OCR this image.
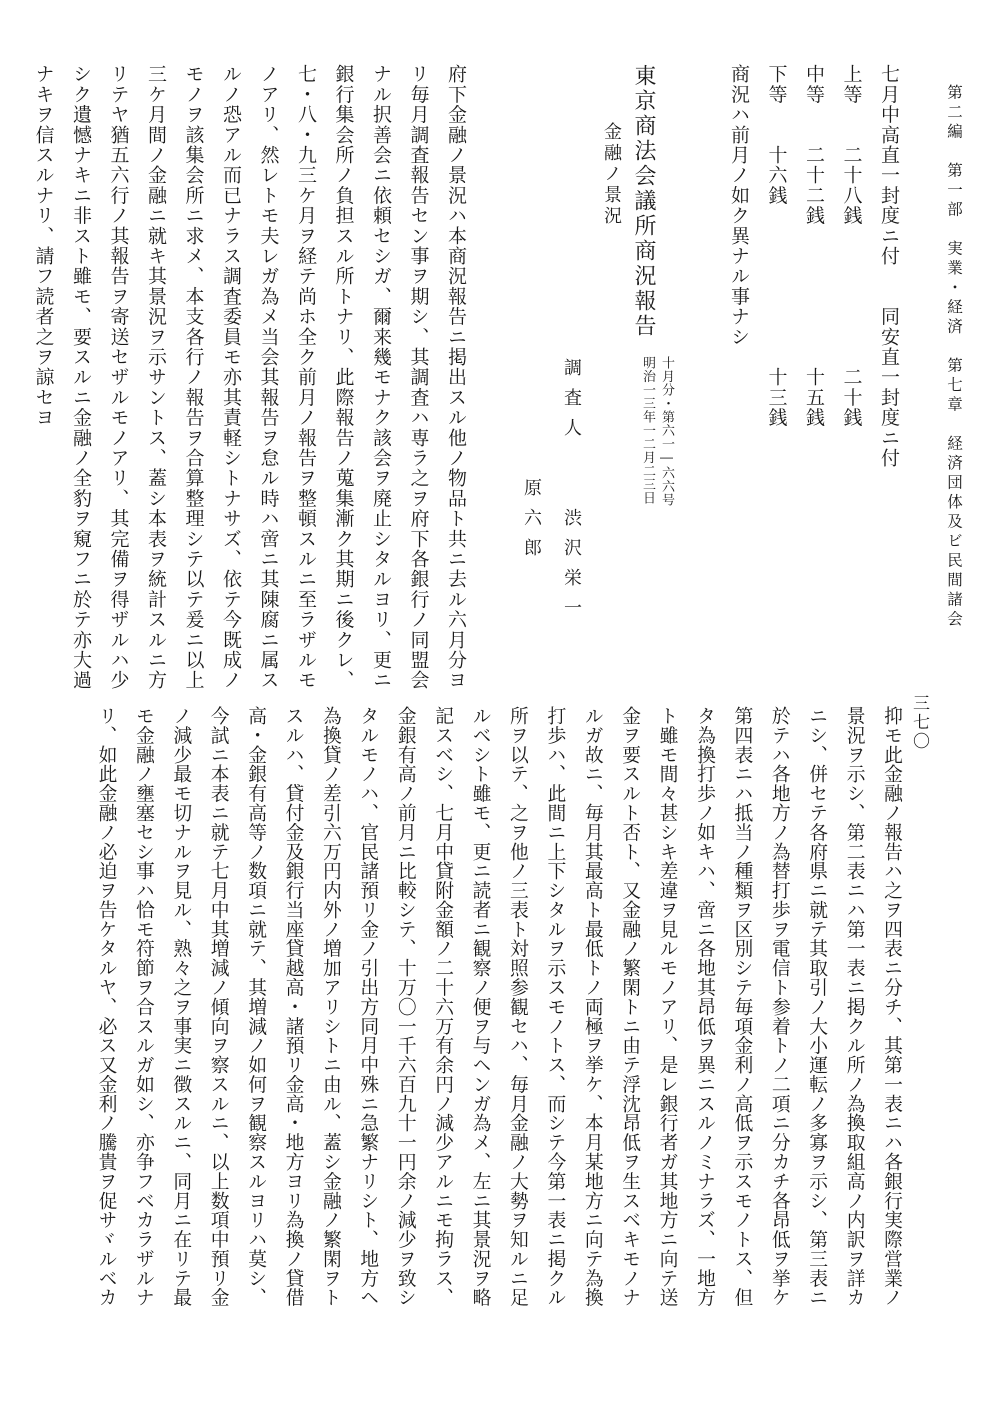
第二編　第一部　実業・経済　第七章　経済団体及ビ民間諸会
三七〇
七月中高直一封度ニ付　　同安直一封度ニ付
上等　　二十八銭　　　　　　　二十銭
中等　　二十二銭　　　　　　　十五銭
下等　　十六銭　　　　　　　　十三銭
商況ハ前月ノ如ク異ナル事ナシ
東京商法会議所商況報告
十月分・第六一―六六号
明治一三年一二月二三日
金融ノ景況
調査人　　渋沢栄一
　　　　原六郎
府下金融ノ景況ハ本商況報告ニ掲出スル他ノ物品ト共ニ去ル六月分ヨ
リ毎月調査報告セン事ヲ期シ、其調査ハ専ラ之ヲ府下各銀行ノ同盟会
ナル択善会ニ依頼セシガ、爾来幾モナク該会ヲ廃止シタルヨリ、更ニ
銀行集会所ノ負担スル所トナリ、此際報告ノ蒐集漸ク其期ニ後クレ、
七・八・九三ケ月ヲ経テ尚ホ全ク前月ノ報告ヲ整頓スルニ至ラザルモ
ノアリ、然レトモ夫レガ為メ当会其報告ヲ怠ル時ハ啻ニ其陳腐ニ属ス
ルノ恐アル而已ナラス調査委員モ亦其責軽シトナサズ、依テ今既成ノ
モノヲ該集会所ニ求メ、本支各行ノ報告ヲ合算整理シテ以テ爰ニ以上
三ケ月間ノ金融ニ就キ其景況ヲ示サントス、蓋シ本表ヲ統計スルニ方
リテヤ猶五六行ノ其報告ヲ寄送セザルモノアリ、其完備ヲ得ザルハ少
シク遺憾ナキニ非スト雖モ、要スルニ金融ノ全豹ヲ窺フニ於テ亦大過
ナキヲ信スルナリ、請フ読者之ヲ諒セヨ
抑モ此金融ノ報告ハ之ヲ四表ニ分チ、其第一表ニハ各銀行実際営業ノ
景況ヲ示シ、第二表ニハ第一表ニ掲クル所ノ為換取組高ノ内訳ヲ詳カ
ニシ、併セテ各府県ニ就テ其取引ノ大小運転ノ多寡ヲ示シ、第三表ニ
於テハ各地方ノ為替打歩ヲ電信ト参着トノ二項ニ分カチ各昂低ヲ挙ケ
第四表ニハ抵当ノ種類ヲ区別シテ毎項金利ノ高低ヲ示スモノトス、但
タ為換打歩ノ如キハ、啻ニ各地其昂低ヲ異ニスルノミナラズ、一地方
ト雖モ間々甚シキ差違ヲ見ルモノアリ、是レ銀行者ガ其地方ニ向テ送
金ヲ要スルト否ト、又金融ノ繁閑トニ由テ浮沈昂低ヲ生スベキモノナ
ルガ故ニ、毎月其最高ト最低トノ両極ヲ挙ケ、本月某地方ニ向テ為換
打歩ハ、此間ニ上下シタルヲ示スモノトス、而シテ今第一表ニ掲クル
所ヲ以テ、之ヲ他ノ三表ト対照参観セハ、毎月金融ノ大勢ヲ知ルニ足
ルベシト雖モ、更ニ読者ニ観察ノ便ヲ与ヘンガ為メ、左ニ其景況ヲ略
記スベシ、七月中貸附金額ノ二十六万有余円ノ減少アルニモ拘ラス、
金銀有高ノ前月ニ比較シテ、十万〇一千六百九十一円余ノ減少ヲ致シ
タルモノハ、官民諸預リ金ノ引出方同月中殊ニ急繁ナリシト、地方ヘ
為換貸ノ差引六万円内外ノ増加アリシトニ由ル、蓋シ金融ノ繁閑ヲト
スルハ、貸付金及銀行当座貸越高・諸預リ金高・地方ヨリ為換ノ貸借
高・金銀有高等ノ数項ニ就テ、其増減ノ如何ヲ観察スルヨリハ莫シ、
今試ニ本表ニ就テ七月中其増減ノ傾向ヲ察スルニ、以上数項中預リ金
ノ減少最モ切ナルヲ見ル、熟々之ヲ事実ニ徴スルニ、同月ニ在リテ最
モ金融ノ壅塞セシ事ハ恰モ符節ヲ合スルガ如シ、亦争フベカラザルナ
リ、如此金融ノ必迫ヲ告ケタルヤ、必ス又金利ノ騰貴ヲ促サヾルベカ
